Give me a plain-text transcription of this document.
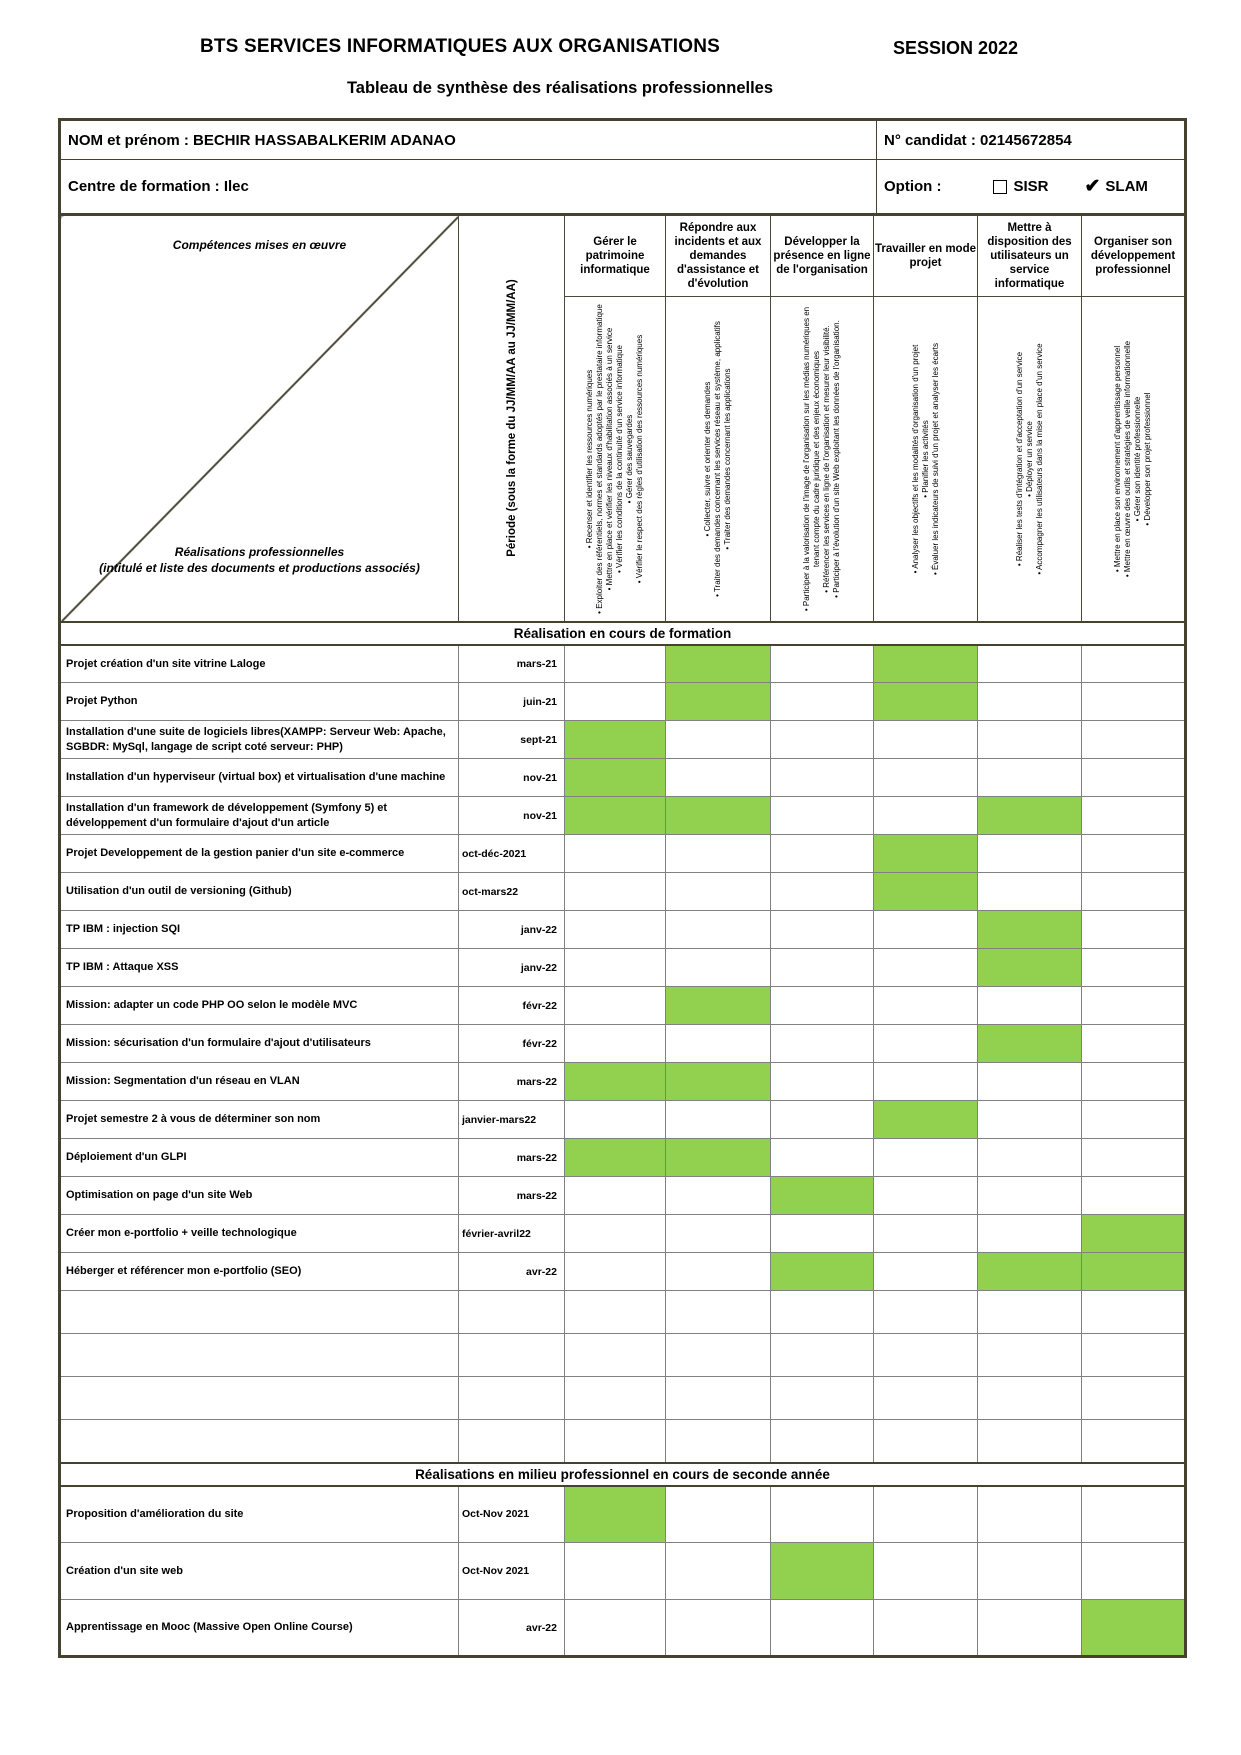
BTS SERVICES INFORMATIQUES AUX ORGANISATIONS	SESSION 2022
Tableau de synthèse des réalisations professionnelles
NOM et prénom : BECHIR HASSABALKERIM ADANAO	N° candidat : 02145672854
Centre de formation : Ilec	Option : SISR ✔ SLAM
Compétences mises en œuvre
Réalisations professionnelles
(intitulé et liste des documents et productions associés)	Période (sous la forme du JJ/MM/AA au JJ/MM/AA)	Gérer le patrimoine informatique	Répondre aux incidents et aux demandes d'assistance et d'évolution	Développer la présence en ligne de l'organisation	Travailler en mode projet	Mettre à disposition des utilisateurs un service informatique	Organiser son développement professionnel

• Recenser et identifier les ressources numériques • Exploiter des référentiels, normes et standards adoptés par le prestataire informatique • Mettre en place et vérifier les niveaux d'habilitation associés à un service • Vérifier les conditions de la continuité d'un service informatique • Gérer des sauvegardes • Vérifier le respect des règles d'utilisation des ressources numériques	• Collecter, suivre et orienter des demandes • Traiter des demandes concernant les services réseau et système, applicatifs • Traiter des demandes concernant les applications	• Participer à la valorisation de l'image de l'organisation sur les médias numériques en tenant compte du cadre juridique et des enjeux économiques • Référencer les services en ligne de l'organisation et mesurer leur visibilité. • Participer à l'évolution d'un site Web exploitant les données de l'organisation.	• Analyser les objectifs et les modalités d'organisation d'un projet • Planifier les activités • Évaluer les indicateurs de suivi d'un projet et analyser les écarts	• Réaliser les tests d'intégration et d'acceptation d'un service • Déployer un service • Accompagner les utilisateurs dans la mise en place d'un service	• Mettre en place son environnement d'apprentissage personnel • Mettre en œuvre des outils et stratégies de veille informationnelle • Gérer son identité professionnelle • Développer son projet professionnel

Réalisation en cours de formation							
Projet création d'un site vitrine Laloge	mars-21						
Projet Python	juin-21						
Installation d'une suite de logiciels libres(XAMPP: Serveur Web: Apache, SGBDR: MySql, langage de script coté serveur: PHP)	sept-21						
Installation d'un hyperviseur (virtual box) et virtualisation d'une machine	nov-21						
Installation d'un framework de développement (Symfony 5) et développement d'un formulaire d'ajout d'un article	nov-21						
Projet Developpement de la gestion panier d'un site e-commerce	oct-déc-2021						
Utilisation d'un outil de versioning (Github)	oct-mars22						
TP IBM : injection SQI	janv-22						
TP IBM : Attaque XSS	janv-22						
Mission: adapter un code PHP OO selon le modèle MVC	févr-22						
Mission: sécurisation d'un formulaire d'ajout d'utilisateurs	févr-22						
Mission: Segmentation d'un réseau en VLAN	mars-22						
Projet semestre 2 à vous de déterminer son nom	janvier-mars22						
Déploiement d'un GLPI	mars-22						
Optimisation on page d'un site Web	mars-22						
Créer mon e-portfolio + veille technologique	février-avril22						
Héberger et référencer mon e-portfolio (SEO)	avr-22						

Réalisations en milieu professionnel en cours de seconde année							
Proposition d'amélioration du site	Oct-Nov 2021						
Création d'un site web	Oct-Nov 2021						
Apprentissage en Mooc (Massive Open Online Course)	avr-22						
